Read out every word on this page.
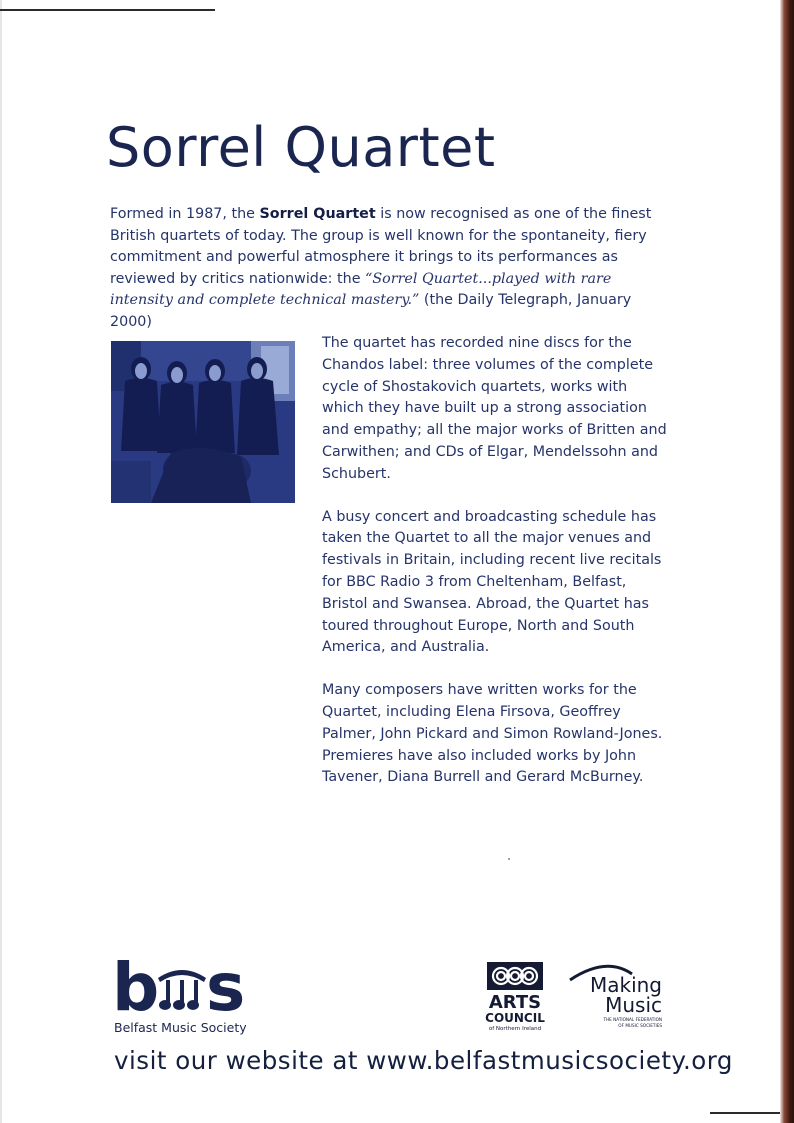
Sorrel Quartet
Formed in 1987, the Sorrel Quartet is now recognised as one of the finest British quartets of today. The group is well known for the spontaneity, fiery commitment and powerful atmosphere it brings to its performances as reviewed by critics nationwide: the “Sorrel Quartet...played with rare intensity and complete technical mastery.” (the Daily Telegraph, January 2000)

The quartet has recorded nine discs for the Chandos label: three volumes of the complete cycle of Shostakovich quartets, works with which they have built up a strong association and empathy; all the major works of Britten and Carwithen; and CDs of Elgar, Mendelssohn and Schubert.

A busy concert and broadcasting schedule has taken the Quartet to all the major venues and festivals in Britain, including recent live recitals for BBC Radio 3 from Cheltenham, Belfast, Bristol and Swansea. Abroad, the Quartet has toured throughout Europe, North and South America, and Australia.

Many composers have written works for the Quartet, including Elena Firsova, Geoffrey Palmer, John Pickard and Simon Rowland-Jones. Premieres have also included works by John Tavener, Diana Burrell and Gerard McBurney.

b s
Belfast Music Society
ARTS
COUNCIL
of Northern Ireland
Making
Music
THE NATIONAL FEDERATION
OF MUSIC SOCIETIES
visit our website at www.belfastmusicsociety.org
